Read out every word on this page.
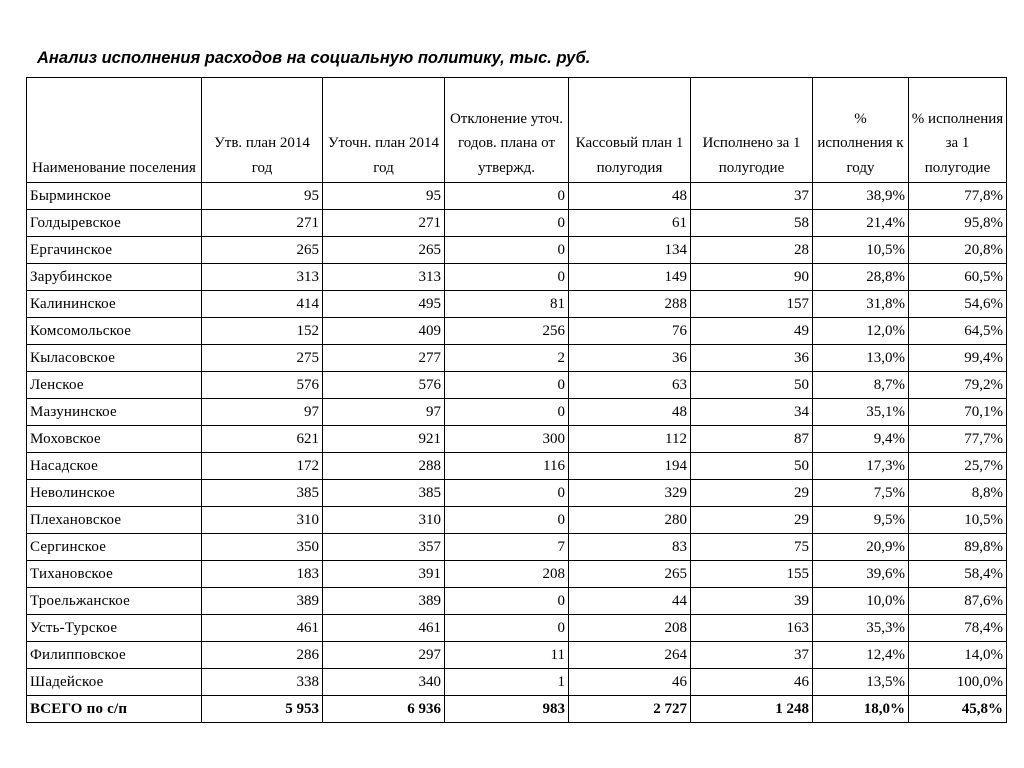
Анализ исполнения расходов на социальную политику, тыс. руб.
Наименование поселения	Утв. план 2014 год	Уточн. план 2014 год	Отклонение уточ. годов. плана от утвержд.	Кассовый план 1 полугодия	Исполнено за 1 полугодие	% исполнения к году	% исполнения за 1 полугодие
Бырминское	95	95	0	48	37	38,9%	77,8%
Голдыревское	271	271	0	61	58	21,4%	95,8%
Ергачинское	265	265	0	134	28	10,5%	20,8%
Зарубинское	313	313	0	149	90	28,8%	60,5%
Калининское	414	495	81	288	157	31,8%	54,6%
Комсомольское	152	409	256	76	49	12,0%	64,5%
Кыласовское	275	277	2	36	36	13,0%	99,4%
Ленское	576	576	0	63	50	8,7%	79,2%
Мазунинское	97	97	0	48	34	35,1%	70,1%
Моховское	621	921	300	112	87	9,4%	77,7%
Насадское	172	288	116	194	50	17,3%	25,7%
Неволинское	385	385	0	329	29	7,5%	8,8%
Плехановское	310	310	0	280	29	9,5%	10,5%
Сергинское	350	357	7	83	75	20,9%	89,8%
Тихановское	183	391	208	265	155	39,6%	58,4%
Троельжанское	389	389	0	44	39	10,0%	87,6%
Усть-Турское	461	461	0	208	163	35,3%	78,4%
Филипповское	286	297	11	264	37	12,4%	14,0%
Шадейское	338	340	1	46	46	13,5%	100,0%
ВСЕГО по с/п	5 953	6 936	983	2 727	1 248	18,0%	45,8%
